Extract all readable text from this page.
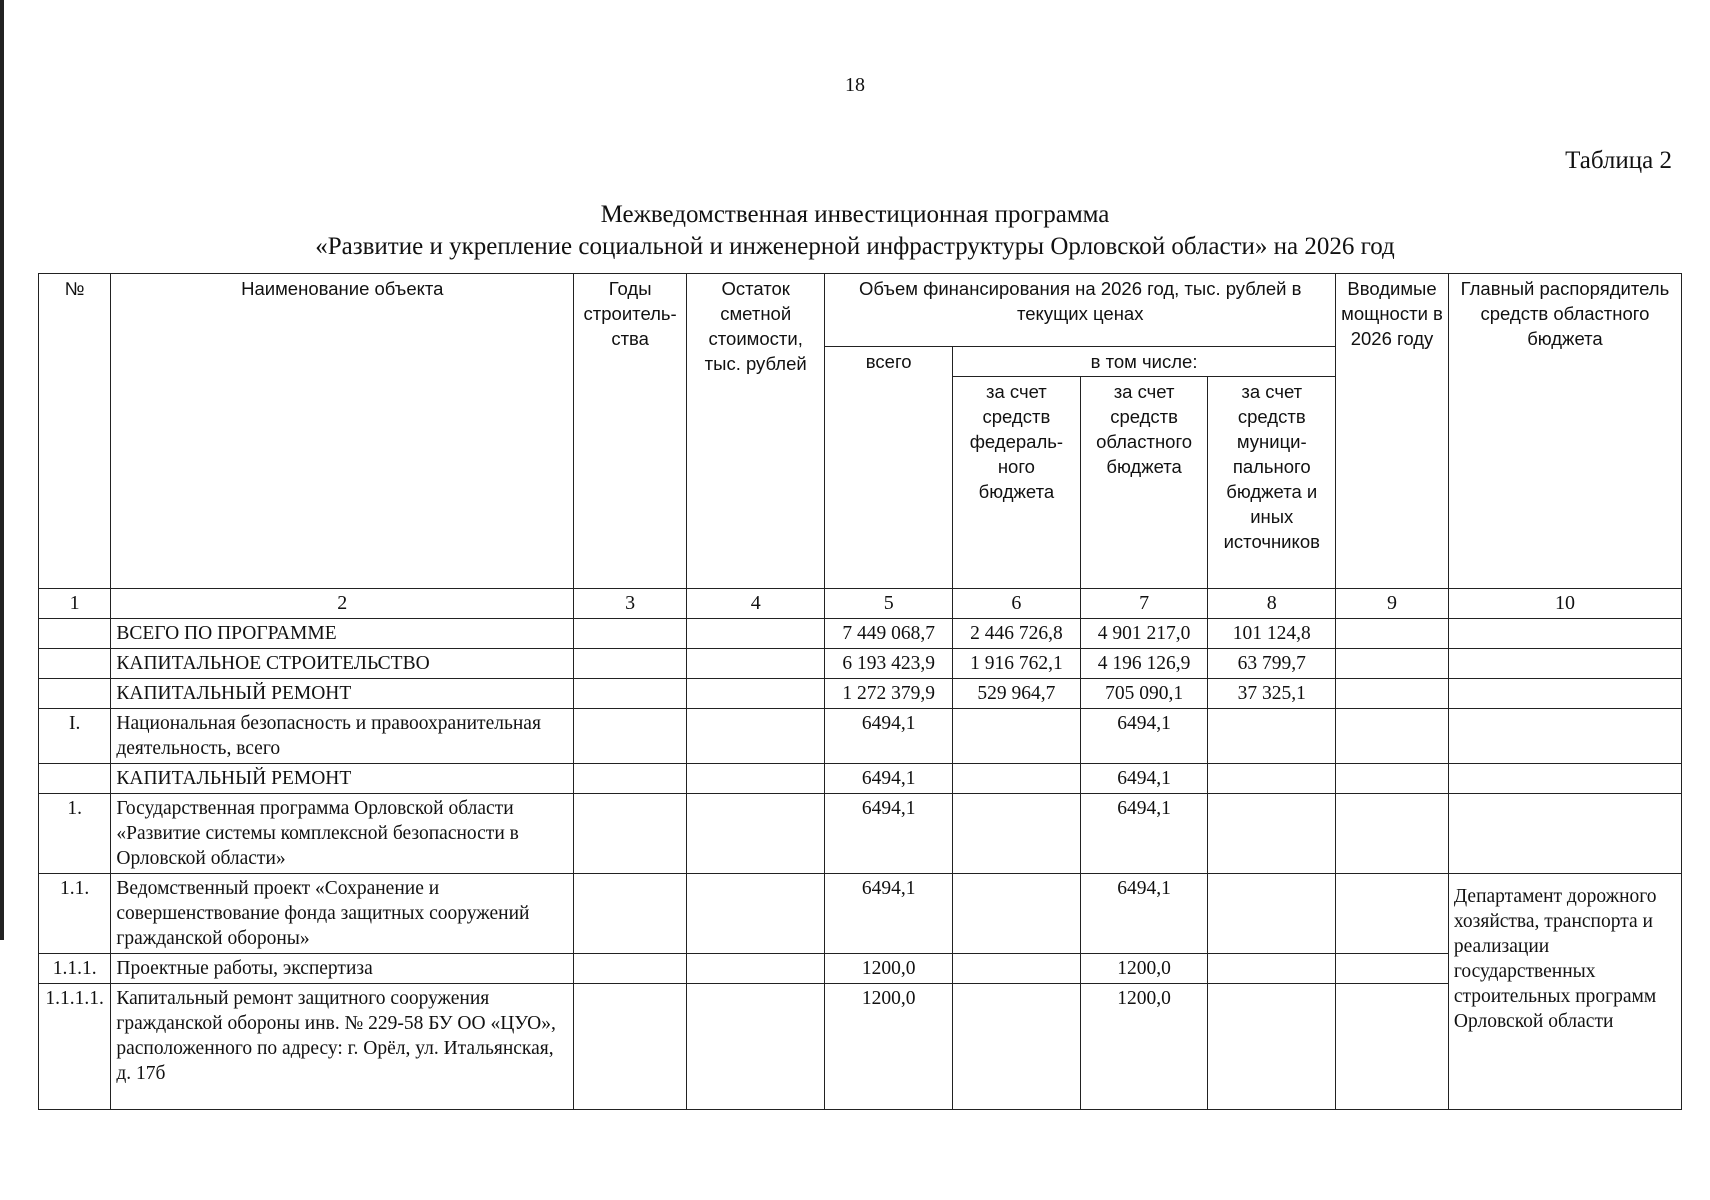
18
Таблица 2
Межведомственная инвестиционная программа
«Развитие и укрепление социальной и инженерной инфраструктуры Орловской области» на 2026 год
№	Наименование объекта	Годы строитель-ства	Остаток сметной стоимости, тыс. рублей	Объем финансирования на 2026 год, тыс. рублей в текущих ценах				Вводимые мощности в 2026 году	Главный распорядитель средств областного бюджета
				всего	в том числе:				
					за счет средств федераль-ного бюджета	за счет средств областного бюджета	за счет средств муници-пального бюджета и иных источников		
1	2	3	4	5	6	7	8	9	10
	ВСЕГО ПО ПРОГРАММЕ			7 449 068,7	2 446 726,8	4 901 217,0	101 124,8		
	КАПИТАЛЬНОЕ СТРОИТЕЛЬСТВО			6 193 423,9	1 916 762,1	4 196 126,9	63 799,7		
	КАПИТАЛЬНЫЙ РЕМОНТ			1 272 379,9	529 964,7	705 090,1	37 325,1		
I.	Национальная безопасность и правоохранительная деятельность, всего			6494,1		6494,1			
	КАПИТАЛЬНЫЙ РЕМОНТ			6494,1		6494,1			
1.	Государственная программа Орловской области «Развитие системы комплексной безопасности в Орловской области»			6494,1		6494,1			
1.1.	Ведомственный проект «Сохранение и совершенствование фонда защитных сооружений гражданской обороны»			6494,1		6494,1			Департамент дорожного хозяйства, транспорта и реализации государственных строительных программ Орловской области
1.1.1.	Проектные работы, экспертиза			1200,0		1200,0			
1.1.1.1.	Капитальный ремонт защитного сооружения гражданской обороны инв. № 229-58 БУ ОО «ЦУО», расположенного по адресу: г. Орёл, ул. Итальянская, д. 17б			1200,0		1200,0			
